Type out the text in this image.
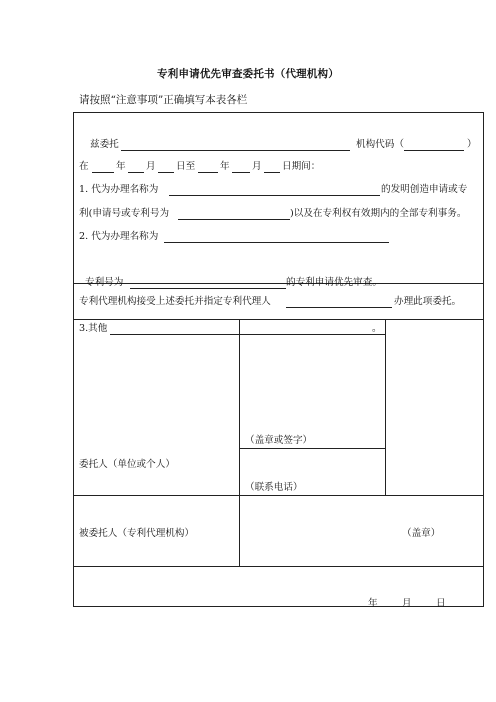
专利申请优先审查委托书（代理机构）
请按照“注意事项”正确填写本表各栏
兹委托	机构代码（	）
在	年 月 日至	年 月 日期间：
1. 代为办理名称为	的发明创造申请或专
利(申请号或专利号为	)以及在专利权有效期内的全部专利事务。
2. 代为办理名称为
专利号为	的专利申请优先审查。
3.其他	。
专利代理机构接受上述委托并指定专利代理人	办理此项委托。
委托人（单位或个人）
（盖章或签字）
（联系电话）
被委托人（专利代理机构）	（盖章）
年	月	日
